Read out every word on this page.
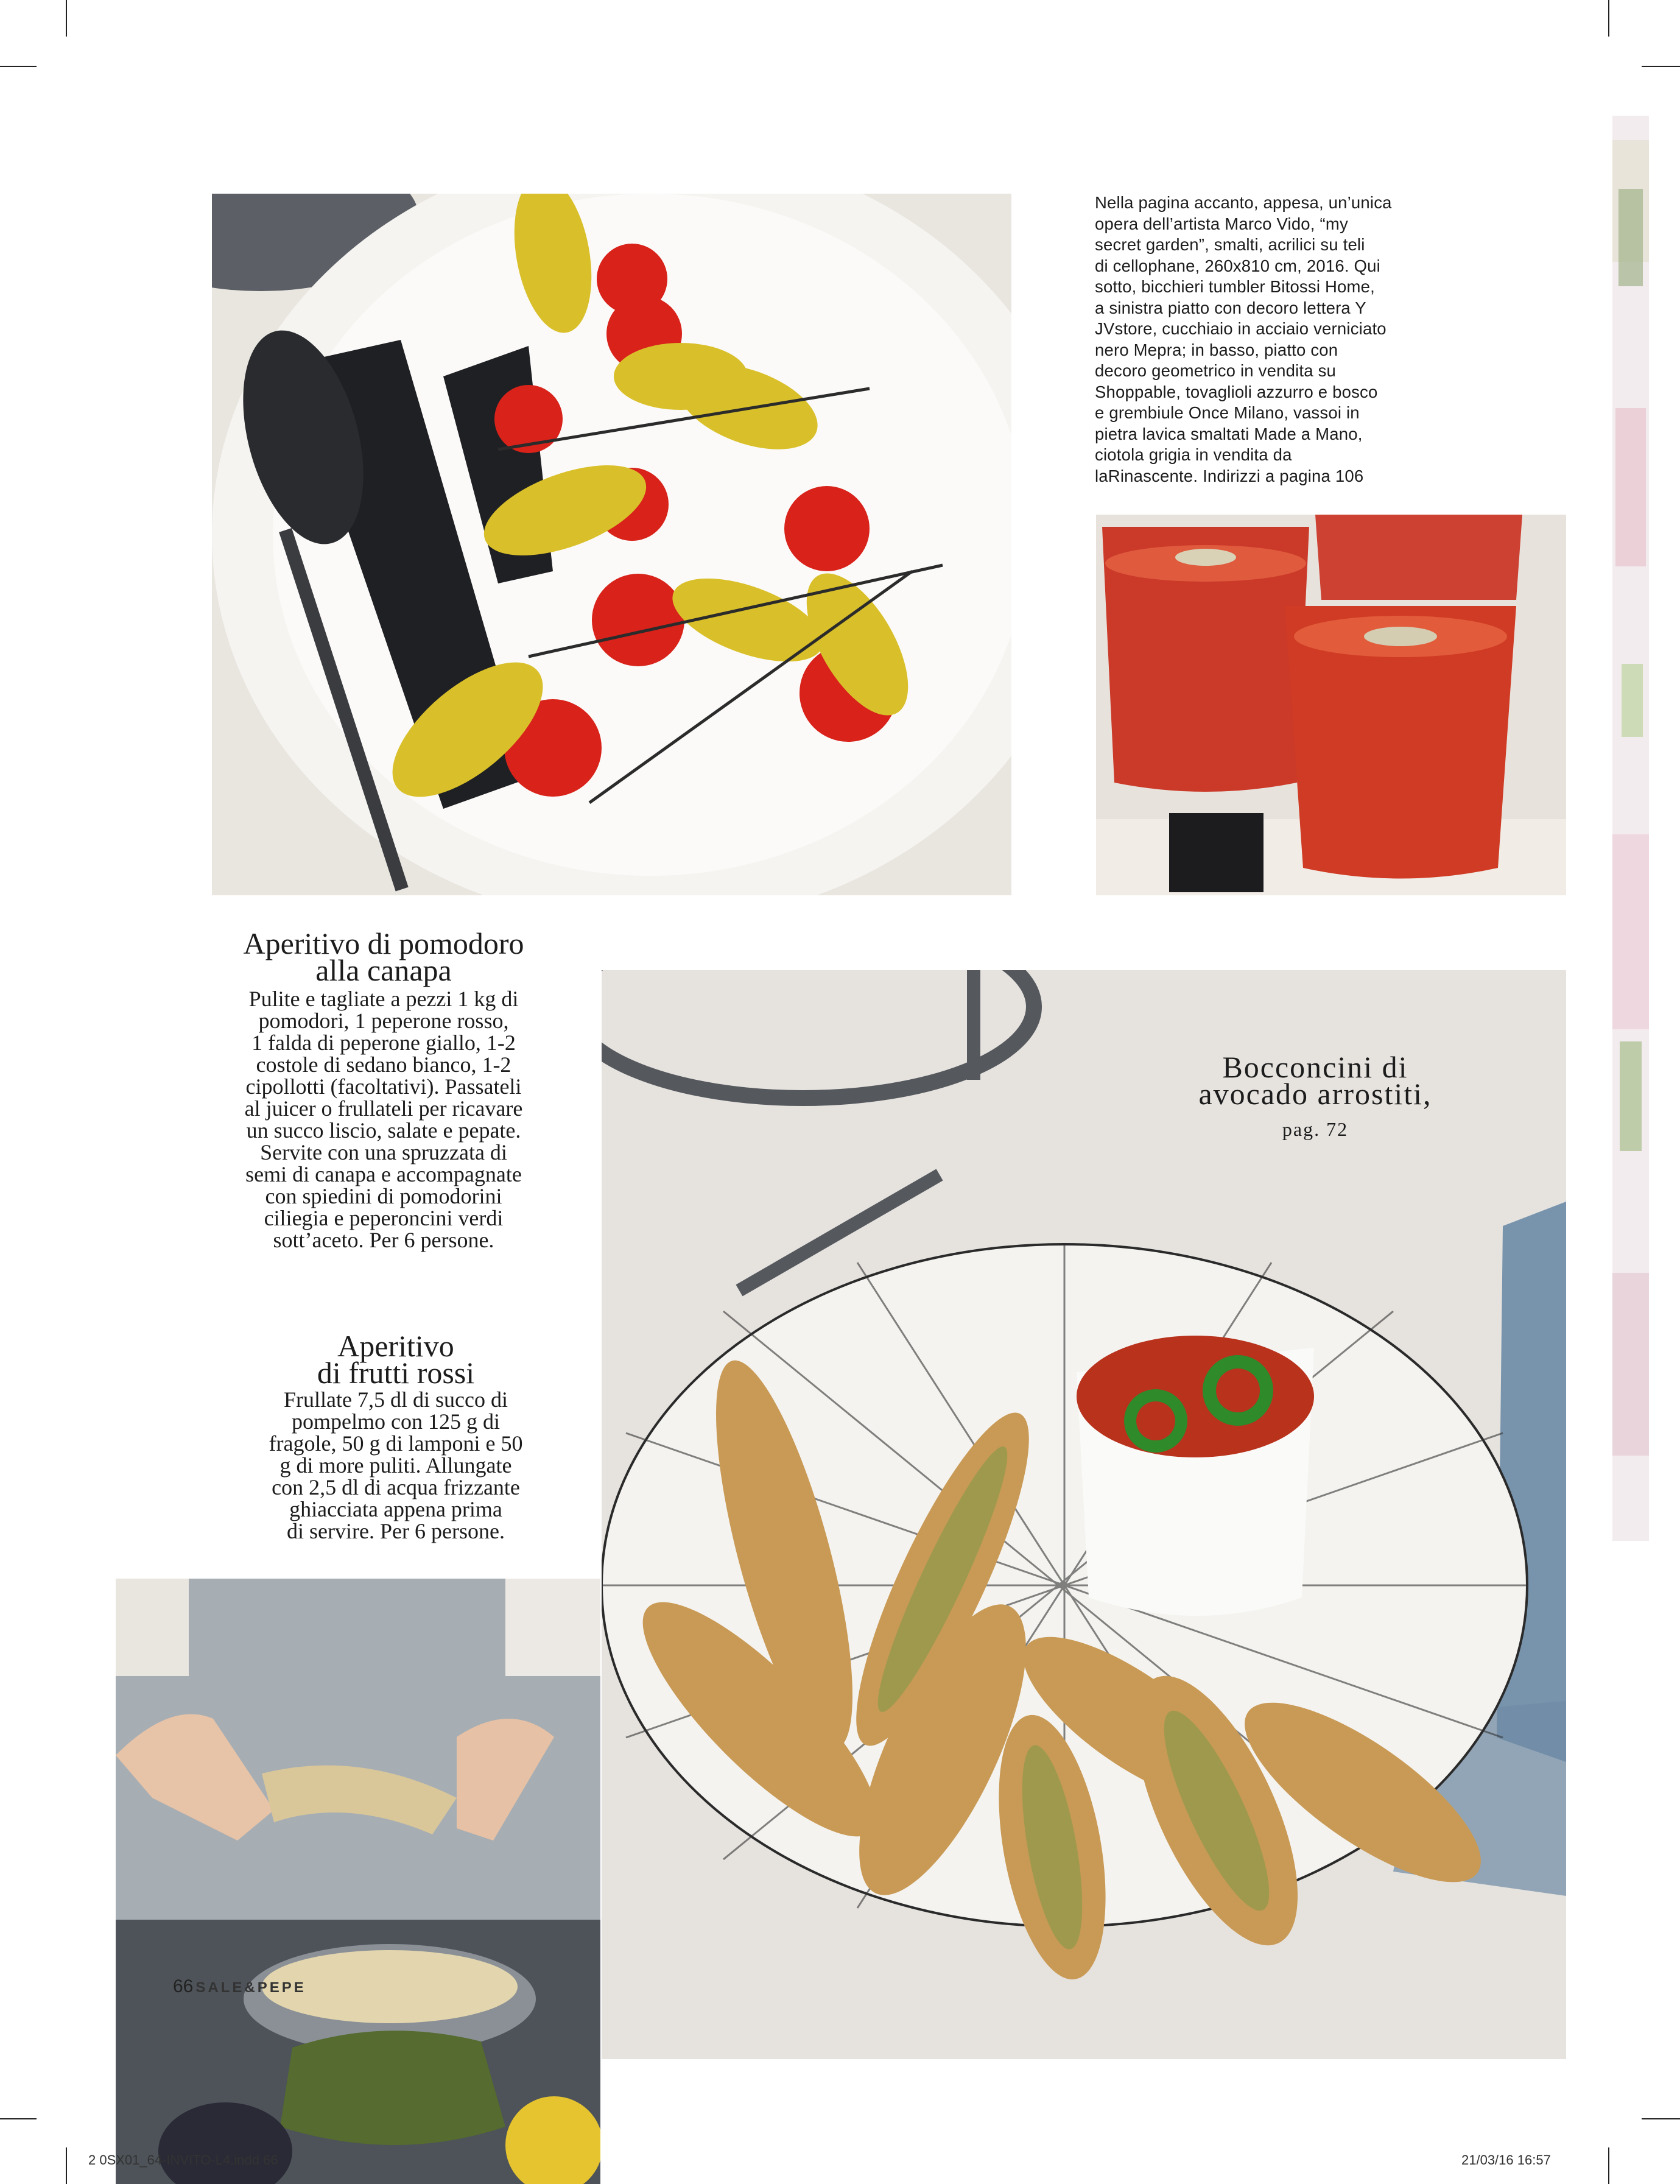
Nella pagina accanto, appesa, un’unica
opera dell’artista Marco Vido, “my
secret garden”, smalti, acrilici su teli
di cellophane, 260x810 cm, 2016. Qui
sotto, bicchieri tumbler Bitossi Home,
a sinistra piatto con decoro lettera Y
JVstore, cucchiaio in acciaio verniciato
nero Mepra; in basso, piatto con
decoro geometrico in vendita su
Shoppable, tovaglioli azzurro e bosco
e grembiule Once Milano, vassoi in
pietra lavica smaltati Made a Mano,
ciotola grigia in vendita da
laRinascente. Indirizzi a pagina 106
Aperitivo di pomodoro
alla canapa
Pulite e tagliate a pezzi 1 kg di
pomodori, 1 peperone rosso,
1 falda di peperone giallo, 1-2
costole di sedano bianco, 1-2
cipollotti (facoltativi). Passateli
al juicer o frullateli per ricavare
un succo liscio, salate e pepate.
Servite con una spruzzata di
semi di canapa e accompagnate
con spiedini di pomodorini
ciliegia e peperoncini verdi
sott’aceto. Per 6 persone.
Aperitivo
di frutti rossi
Frullate 7,5 dl di succo di
pompelmo con 125 g di
fragole, 50 g di lamponi e 50
g di more puliti. Allungate
con 2,5 dl di acqua frizzante
ghiacciata appena prima
di servire. Per 6 persone.
Bocconcini di
avocado arrostiti,
pag. 72
66 SALE&PEPE
2 0SX01_64-INVITO-L4.indd 66	21/03/16 16:57
